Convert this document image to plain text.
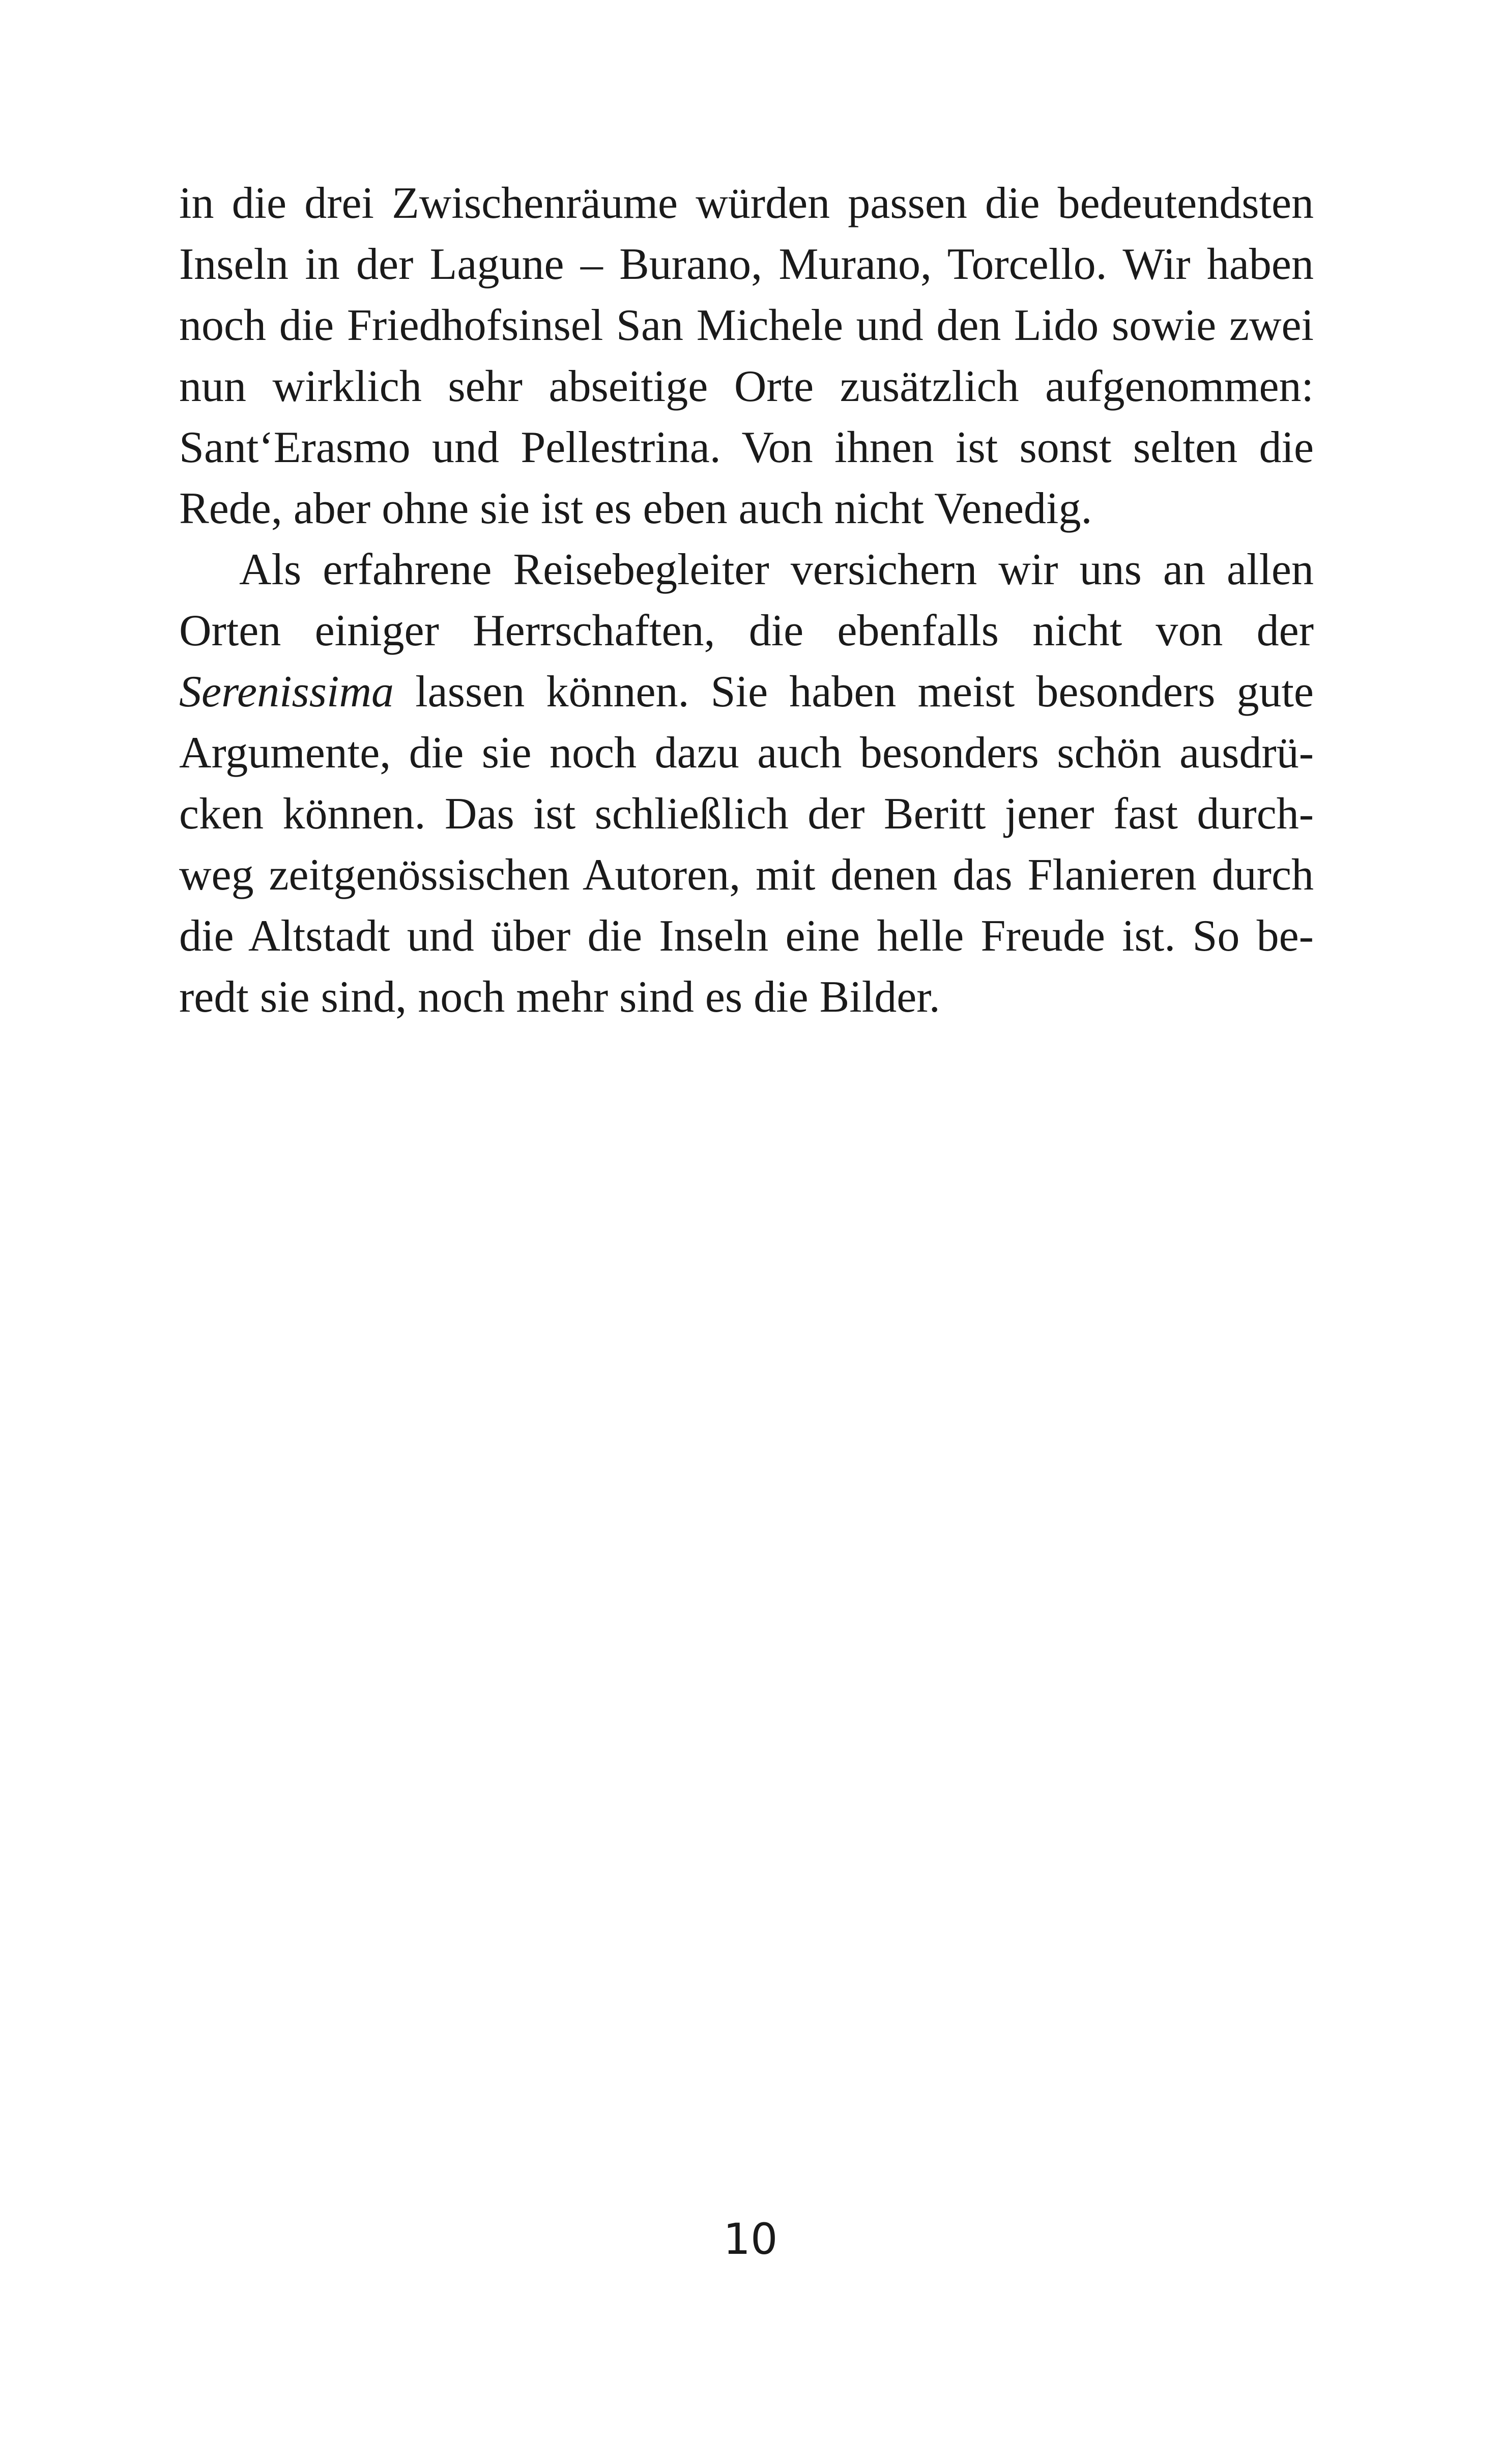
in die drei Zwischenräume würden passen die bedeutendsten
Inseln in der Lagune – Burano, Murano, Torcello. Wir haben
noch die Friedhofsinsel San Michele und den Lido sowie zwei
nun wirklich sehr abseitige Orte zusätzlich aufgenommen:
Sant‘Erasmo und Pellestrina. Von ihnen ist sonst selten die
Rede, aber ohne sie ist es eben auch nicht Venedig.
Als erfahrene Reisebegleiter versichern wir uns an allen
Orten einiger Herrschaften, die ebenfalls nicht von der
Serenissima lassen können. Sie haben meist besonders gute
Argumente, die sie noch dazu auch besonders schön ausdrü-
cken können. Das ist schließlich der Beritt jener fast durch-
weg zeitgenössischen Autoren, mit denen das Flanieren durch
die Altstadt und über die Inseln eine helle Freude ist. So be-
redt sie sind, noch mehr sind es die Bilder.
10
